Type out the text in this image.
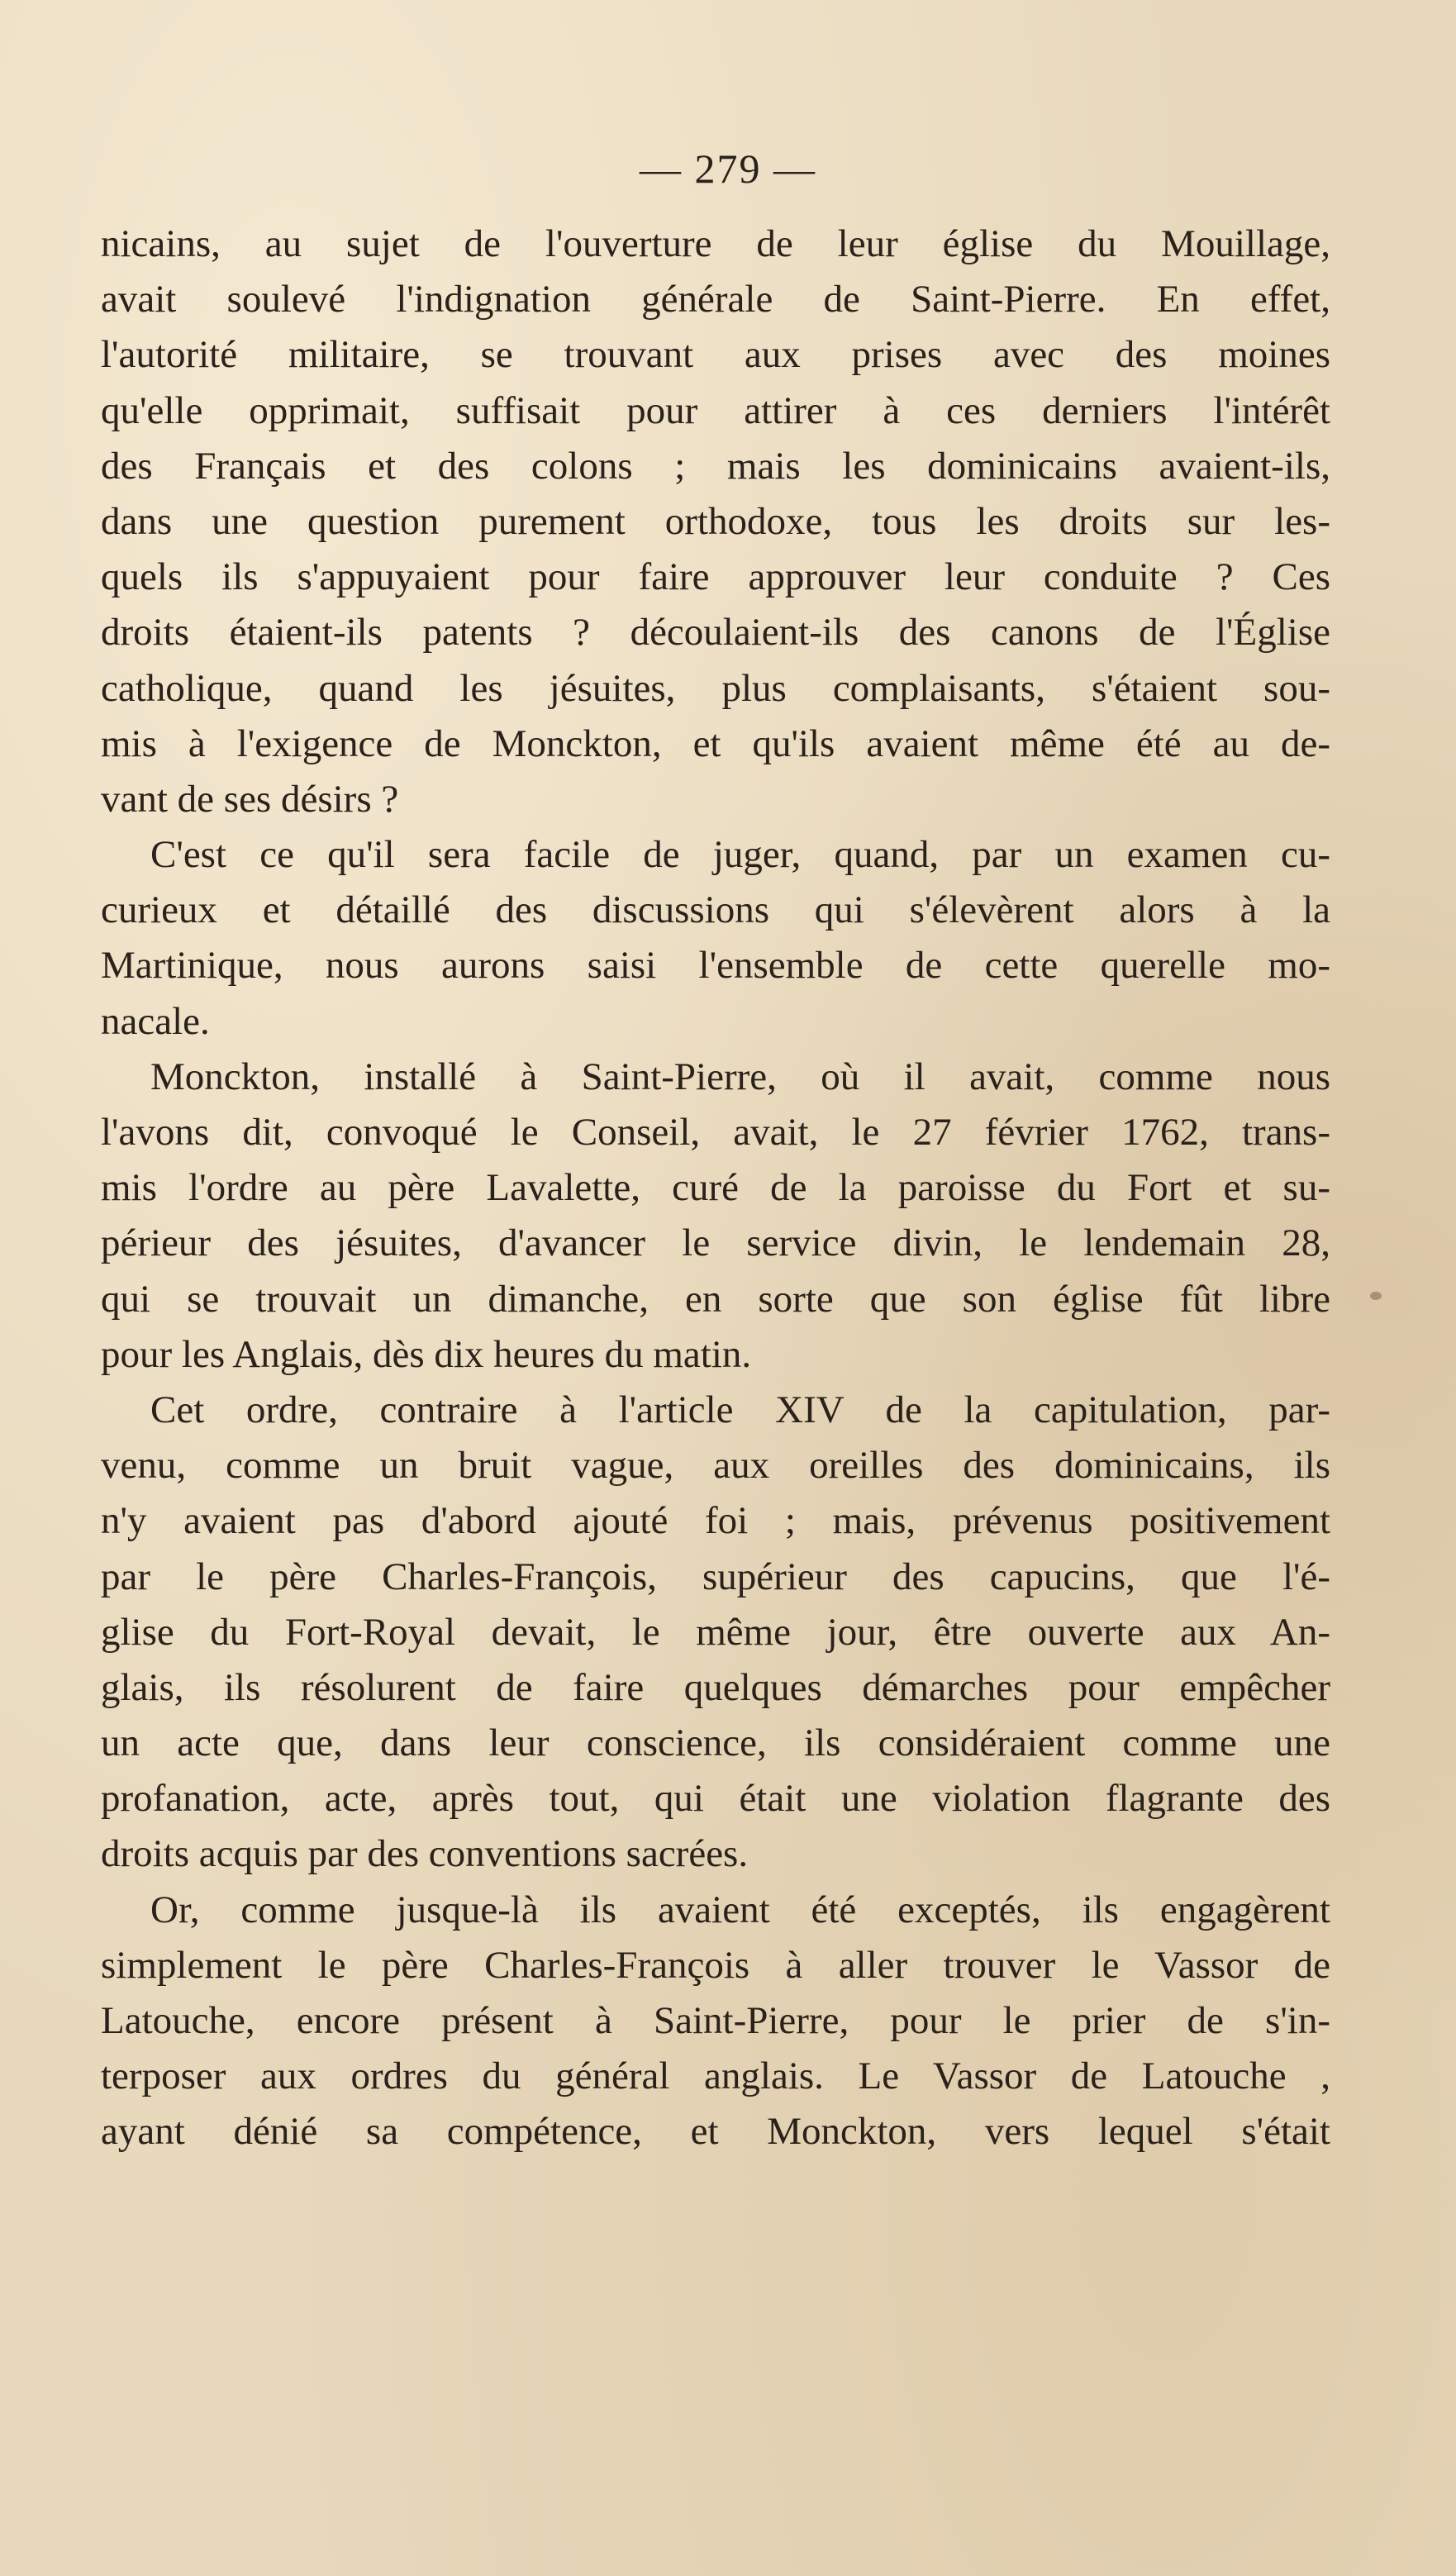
— 279 —
nicains, au sujet de l'ouverture de leur église du Mouillage,
avait soulevé l'indignation générale de Saint-Pierre. En effet,
l'autorité militaire, se trouvant aux prises avec des moines
qu'elle opprimait, suffisait pour attirer à ces derniers l'intérêt
des Français et des colons ; mais les dominicains avaient-ils,
dans une question purement orthodoxe, tous les droits sur les-
quels ils s'appuyaient pour faire approuver leur conduite ? Ces
droits étaient-ils patents ? découlaient-ils des canons de l'Église
catholique, quand les jésuites, plus complaisants, s'étaient sou-
mis à l'exigence de Monckton, et qu'ils avaient même été au de-
vant de ses désirs ?
C'est ce qu'il sera facile de juger, quand, par un examen cu-
curieux et détaillé des discussions qui s'élevèrent alors à la
Martinique, nous aurons saisi l'ensemble de cette querelle mo-
nacale.
Monckton, installé à Saint-Pierre, où il avait, comme nous
l'avons dit, convoqué le Conseil, avait, le 27 février 1762, trans-
mis l'ordre au père Lavalette, curé de la paroisse du Fort et su-
périeur des jésuites, d'avancer le service divin, le lendemain 28,
qui se trouvait un dimanche, en sorte que son église fût libre
pour les Anglais, dès dix heures du matin.
Cet ordre, contraire à l'article XIV de la capitulation, par-
venu, comme un bruit vague, aux oreilles des dominicains, ils
n'y avaient pas d'abord ajouté foi ; mais, prévenus positivement
par le père Charles-François, supérieur des capucins, que l'é-
glise du Fort-Royal devait, le même jour, être ouverte aux An-
glais, ils résolurent de faire quelques démarches pour empêcher
un acte que, dans leur conscience, ils considéraient comme une
profanation, acte, après tout, qui était une violation flagrante des
droits acquis par des conventions sacrées.
Or, comme jusque-là ils avaient été exceptés, ils engagèrent
simplement le père Charles-François à aller trouver le Vassor de
Latouche, encore présent à Saint-Pierre, pour le prier de s'in-
terposer aux ordres du général anglais. Le Vassor de Latouche ,
ayant dénié sa compétence, et Monckton, vers lequel s'était
